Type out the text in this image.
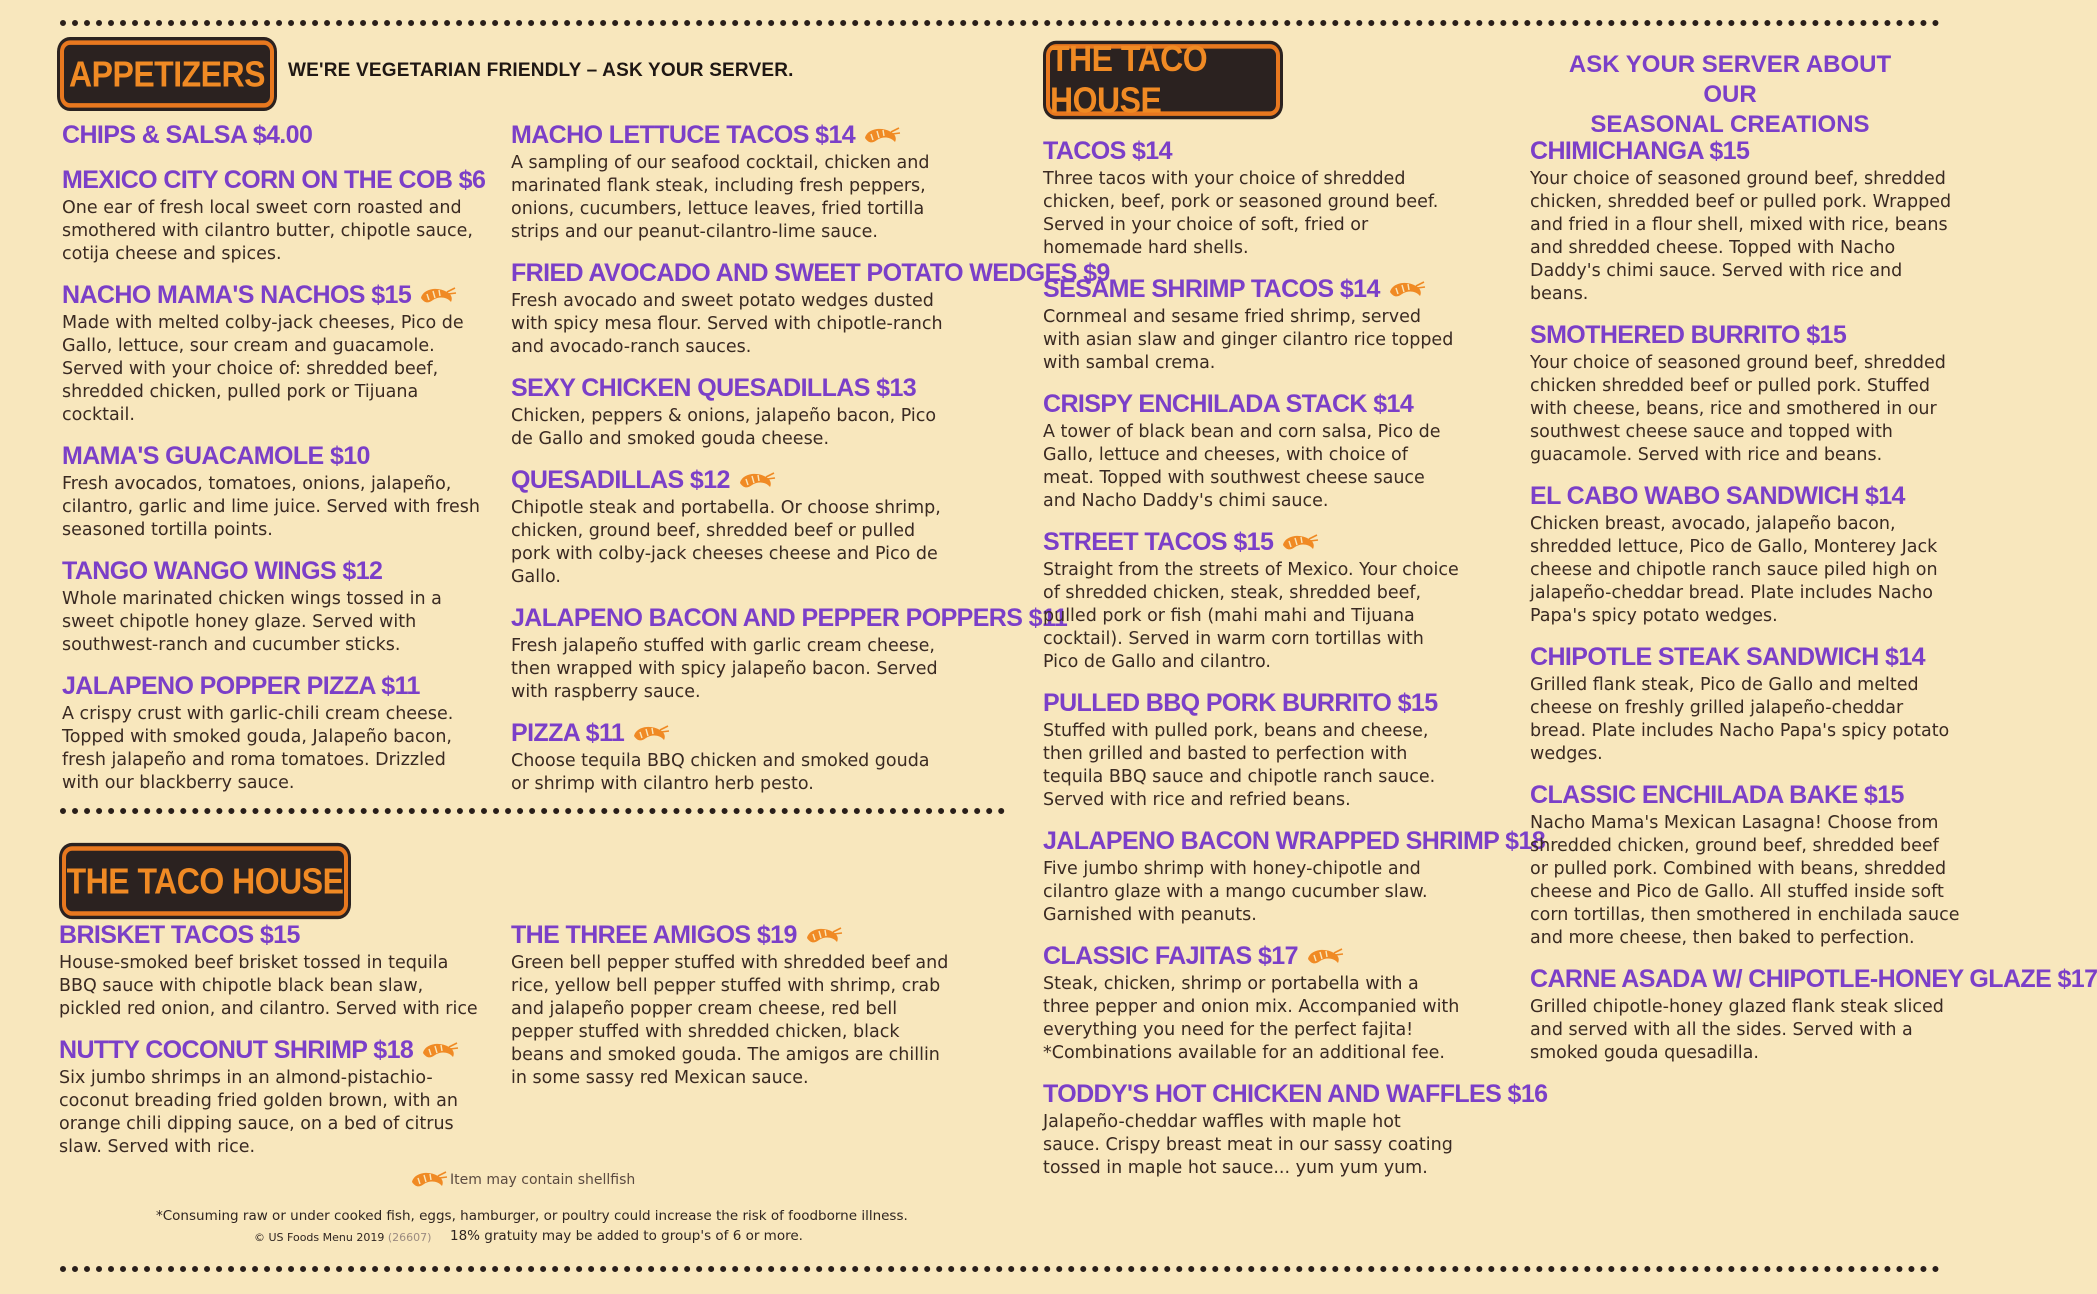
APPETIZERS	WE'RE VEGETARIAN FRIENDLY – ASK YOUR SERVER.	THE TACO HOUSE
ASK YOUR SERVER ABOUT OUR
SEASONAL CREATIONS
THE TACO HOUSE
CHIPS & SALSA $4.00
MEXICO CITY CORN ON THE COB $6
One ear of fresh local sweet corn roasted and smothered with cilantro butter, chipotle sauce, cotija cheese and spices.
NACHO MAMA'S NACHOS $15
Made with melted colby-jack cheeses, Pico de Gallo, lettuce, sour cream and guacamole. Served with your choice of: shredded beef, shredded chicken, pulled pork or Tijuana cocktail.
MAMA'S GUACAMOLE $10
Fresh avocados, tomatoes, onions, jalapeño, cilantro, garlic and lime juice. Served with fresh seasoned tortilla points.
TANGO WANGO WINGS $12
Whole marinated chicken wings tossed in a sweet chipotle honey glaze. Served with southwest-ranch and cucumber sticks.
JALAPENO POPPER PIZZA $11
A crispy crust with garlic-chili cream cheese. Topped with smoked gouda, Jalapeño bacon, fresh jalapeño and roma tomatoes. Drizzled with our blackberry sauce.
MACHO LETTUCE TACOS $14
A sampling of our seafood cocktail, chicken and marinated flank steak, including fresh peppers, onions, cucumbers, lettuce leaves, fried tortilla strips and our peanut-cilantro-lime sauce.
FRIED AVOCADO AND SWEET POTATO WEDGES $9
Fresh avocado and sweet potato wedges dusted with spicy mesa flour. Served with chipotle-ranch and avocado-ranch sauces.
SEXY CHICKEN QUESADILLAS $13
Chicken, peppers & onions, jalapeño bacon, Pico de Gallo and smoked gouda cheese.
QUESADILLAS $12
Chipotle steak and portabella. Or choose shrimp, chicken, ground beef, shredded beef or pulled pork with colby-jack cheeses cheese and Pico de Gallo.
JALAPENO BACON AND PEPPER POPPERS $11
Fresh jalapeño stuffed with garlic cream cheese, then wrapped with spicy jalapeño bacon. Served with raspberry sauce.
PIZZA $11
Choose tequila BBQ chicken and smoked gouda or shrimp with cilantro herb pesto.
BRISKET TACOS $15
House-smoked beef brisket tossed in tequila BBQ sauce with chipotle black bean slaw, pickled red onion, and cilantro. Served with rice
NUTTY COCONUT SHRIMP $18
Six jumbo shrimps in an almond-pistachio-coconut breading fried golden brown, with an orange chili dipping sauce, on a bed of citrus slaw. Served with rice.
THE THREE AMIGOS $19
Green bell pepper stuffed with shredded beef and rice, yellow bell pepper stuffed with shrimp, crab and jalapeño popper cream cheese, red bell pepper stuffed with shredded chicken, black beans and smoked gouda. The amigos are chillin in some sassy red Mexican sauce.
TACOS $14
Three tacos with your choice of shredded chicken, beef, pork or seasoned ground beef. Served in your choice of soft, fried or homemade hard shells.
SESAME SHRIMP TACOS $14
Cornmeal and sesame fried shrimp, served with asian slaw and ginger cilantro rice topped with sambal crema.
CRISPY ENCHILADA STACK $14
A tower of black bean and corn salsa, Pico de Gallo, lettuce and cheeses, with choice of meat. Topped with southwest cheese sauce and Nacho Daddy's chimi sauce.
STREET TACOS $15
Straight from the streets of Mexico. Your choice of shredded chicken, steak, shredded beef, pulled pork or fish (mahi mahi and Tijuana cocktail). Served in warm corn tortillas with Pico de Gallo and cilantro.
PULLED BBQ PORK BURRITO $15
Stuffed with pulled pork, beans and cheese, then grilled and basted to perfection with tequila BBQ sauce and chipotle ranch sauce. Served with rice and refried beans.
JALAPENO BACON WRAPPED SHRIMP $18
Five jumbo shrimp with honey-chipotle and cilantro glaze with a mango cucumber slaw. Garnished with peanuts.
CLASSIC FAJITAS $17
Steak, chicken, shrimp or portabella with a three pepper and onion mix. Accompanied with everything you need for the perfect fajita! *Combinations available for an additional fee.
TODDY'S HOT CHICKEN AND WAFFLES $16
Jalapeño-cheddar waffles with maple hot sauce. Crispy breast meat in our sassy coating tossed in maple hot sauce... yum yum yum.
CHIMICHANGA $15
Your choice of seasoned ground beef, shredded chicken, shredded beef or pulled pork. Wrapped and fried in a flour shell, mixed with rice, beans and shredded cheese. Topped with Nacho Daddy's chimi sauce. Served with rice and beans.
SMOTHERED BURRITO $15
Your choice of seasoned ground beef, shredded chicken shredded beef or pulled pork. Stuffed with cheese, beans, rice and smothered in our southwest cheese sauce and topped with guacamole. Served with rice and beans.
EL CABO WABO SANDWICH $14
Chicken breast, avocado, jalapeño bacon, shredded lettuce, Pico de Gallo, Monterey Jack cheese and chipotle ranch sauce piled high on jalapeño-cheddar bread. Plate includes Nacho Papa's spicy potato wedges.
CHIPOTLE STEAK SANDWICH $14
Grilled flank steak, Pico de Gallo and melted cheese on freshly grilled jalapeño-cheddar bread. Plate includes Nacho Papa's spicy potato wedges.
CLASSIC ENCHILADA BAKE $15
Nacho Mama's Mexican Lasagna! Choose from shredded chicken, ground beef, shredded beef or pulled pork. Combined with beans, shredded cheese and Pico de Gallo. All stuffed inside soft corn tortillas, then smothered in enchilada sauce and more cheese, then baked to perfection.
CARNE ASADA W/ CHIPOTLE-HONEY GLAZE $17
Grilled chipotle-honey glazed flank steak sliced and served with all the sides. Served with a smoked gouda quesadilla.
Item may contain shellfish
*Consuming raw or under cooked fish, eggs, hamburger, or poultry could increase the risk of foodborne illness.
© US Foods Menu 2019 (26607) 18% gratuity may be added to group's of 6 or more.
